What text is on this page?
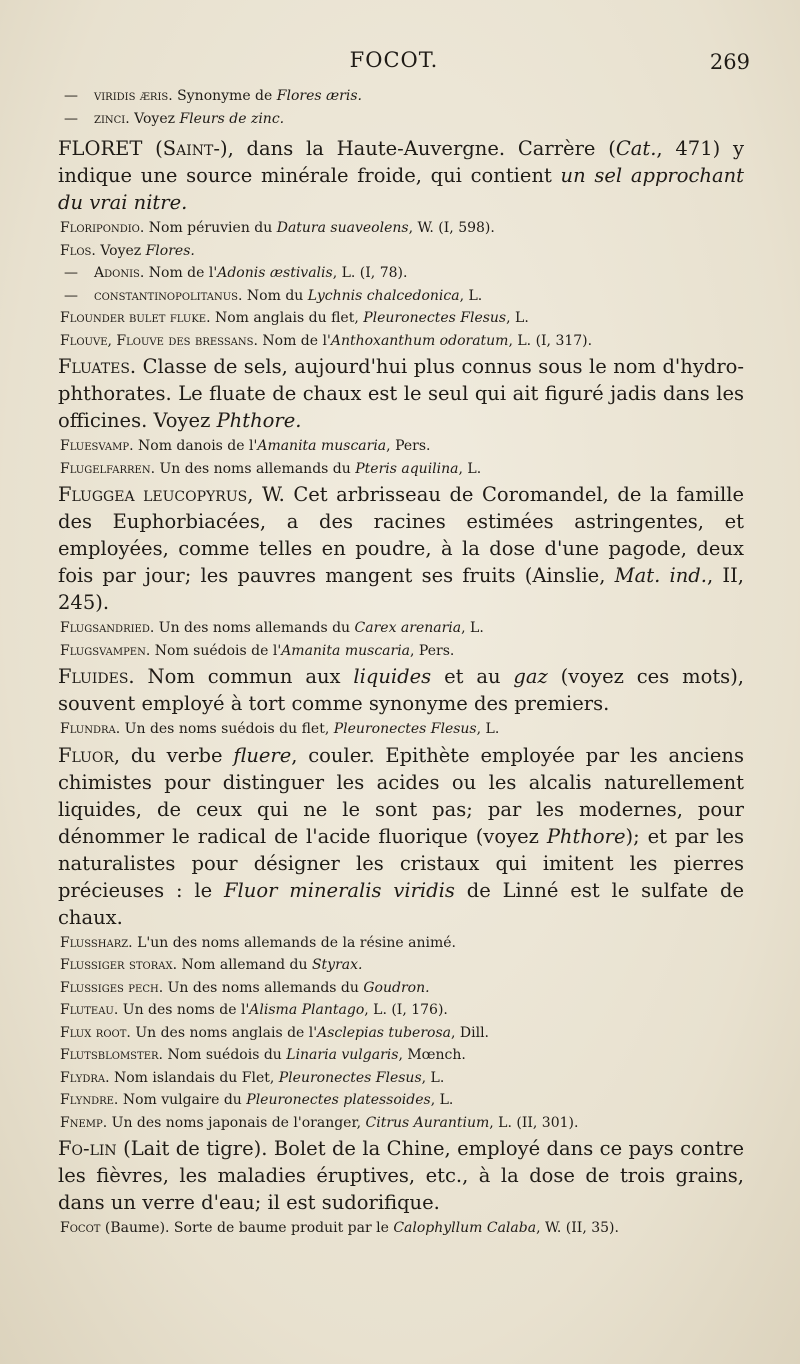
FOCOT.	269
— viridis æris. Synonyme de Flores æris.
— zinci. Voyez Fleurs de zinc.
FLORET (Saint-), dans la Haute-Auvergne. Carrère (Cat., 471) y indique une source minérale froide, qui contient un sel approchant du vrai nitre.
Floripondio. Nom péruvien du Datura suaveolens, W. (I, 598).
Flos. Voyez Flores.
— Adonis. Nom de l'Adonis æstivalis, L. (I, 78).
— constantinopolitanus. Nom du Lychnis chalcedonica, L.
Flounder bulet fluke. Nom anglais du flet, Pleuronectes Flesus, L.
Flouve, Flouve des bressans. Nom de l'Anthoxanthum odoratum, L. (I, 317).
Fluates. Classe de sels, aujourd'hui plus connus sous le nom d'hydro-phthorates. Le fluate de chaux est le seul qui ait figuré jadis dans les officines. Voyez Phthore.
Fluesvamp. Nom danois de l'Amanita muscaria, Pers.
Flugelfarren. Un des noms allemands du Pteris aquilina, L.
Fluggea leucopyrus, W. Cet arbrisseau de Coromandel, de la famille des Euphorbiacées, a des racines estimées astringentes, et employées, comme telles en poudre, à la dose d'une pagode, deux fois par jour; les pauvres mangent ses fruits (Ainslie, Mat. ind., II, 245).
Flugsandried. Un des noms allemands du Carex arenaria, L.
Flugsvampen. Nom suédois de l'Amanita muscaria, Pers.
Fluides. Nom commun aux liquides et au gaz (voyez ces mots), souvent employé à tort comme synonyme des premiers.
Flundra. Un des noms suédois du flet, Pleuronectes Flesus, L.
Fluor, du verbe fluere, couler. Epithète employée par les anciens chimistes pour distinguer les acides ou les alcalis naturellement liquides, de ceux qui ne le sont pas; par les modernes, pour dénommer le radical de l'acide fluorique (voyez Phthore); et par les naturalistes pour désigner les cristaux qui imitent les pierres précieuses : le Fluor mineralis viridis de Linné est le sulfate de chaux.
Flussharz. L'un des noms allemands de la résine animé.
Flussiger storax. Nom allemand du Styrax.
Flussiges pech. Un des noms allemands du Goudron.
Fluteau. Un des noms de l'Alisma Plantago, L. (I, 176).
Flux root. Un des noms anglais de l'Asclepias tuberosa, Dill.
Flutsblomster. Nom suédois du Linaria vulgaris, Mœnch.
Flydra. Nom islandais du Flet, Pleuronectes Flesus, L.
Flyndre. Nom vulgaire du Pleuronectes platessoides, L.
Fnemp. Un des noms japonais de l'oranger, Citrus Aurantium, L. (II, 301).
Fo-lin (Lait de tigre). Bolet de la Chine, employé dans ce pays contre les fièvres, les maladies éruptives, etc., à la dose de trois grains, dans un verre d'eau; il est sudorifique.
Focot (Baume). Sorte de baume produit par le Calophyllum Calaba, W. (II, 35).
